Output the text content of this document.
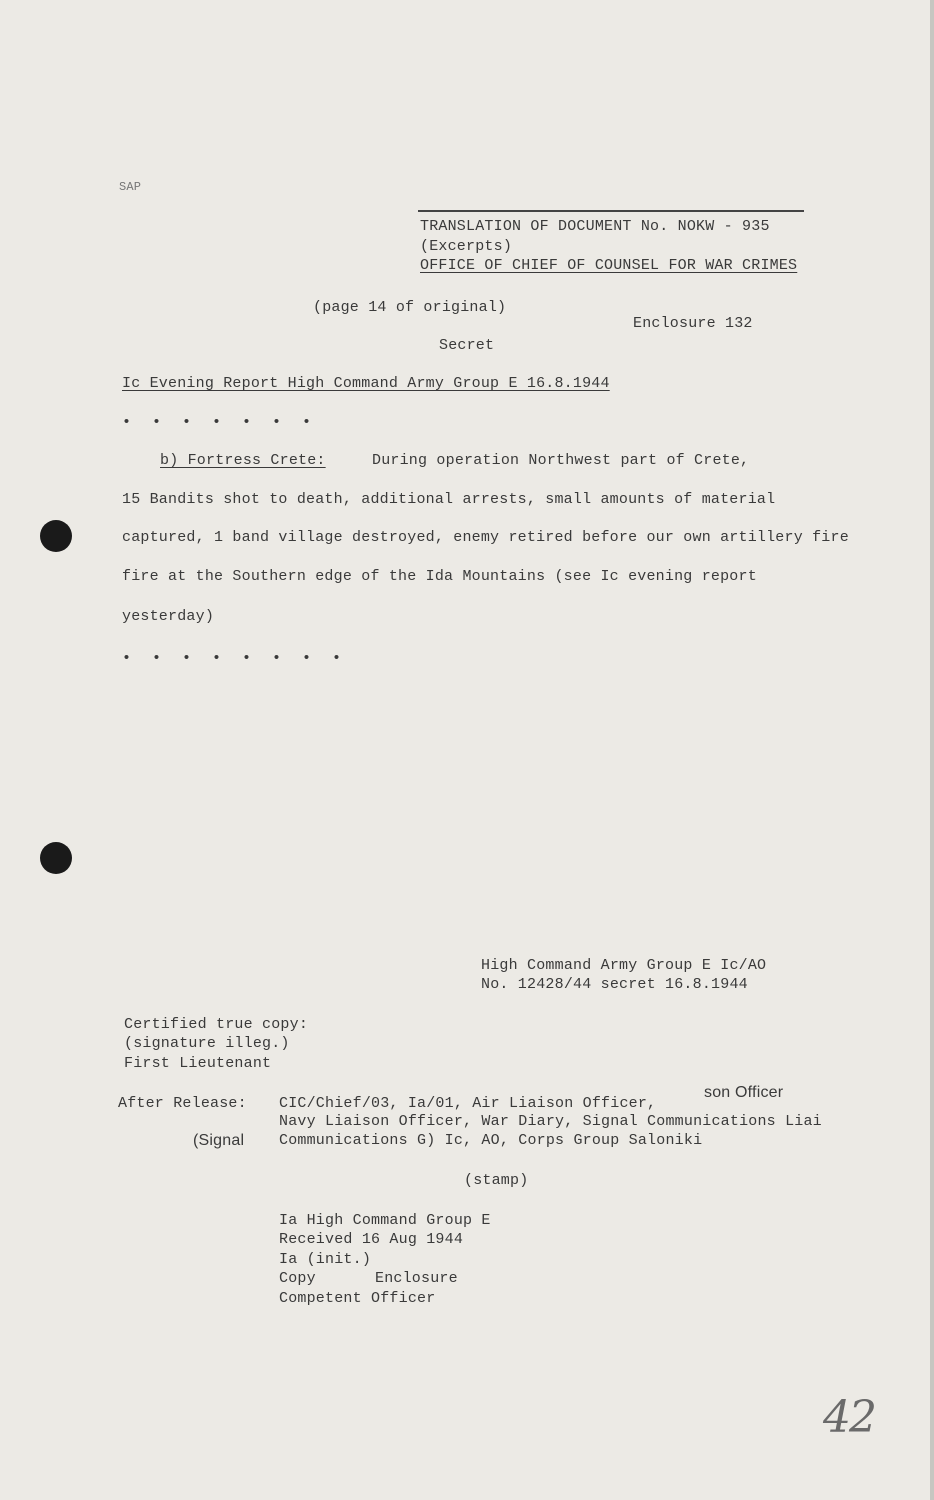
SAP
TRANSLATION OF DOCUMENT No. NOKW - 935
(Excerpts)
OFFICE OF CHIEF OF COUNSEL FOR WAR CRIMES
(page 14 of original)
Enclosure 132
Secret
Ic Evening Report High Command Army Group E 16.8.1944
• • • • • • •
b) Fortress Crete:	During operation Northwest part of Crete,
15 Bandits shot to death, additional arrests, small amounts of material
captured, 1 band village destroyed, enemy retired before our own artillery fire
fire at the Southern edge of the Ida Mountains (see Ic evening report
yesterday)
• • • • • • • •
High Command Army Group E Ic/AO
No. 12428/44 secret 16.8.1944
Certified true copy:
(signature illeg.)
First Lieutenant
After Release: CIC/Chief/03, Ia/01, Air Liaison Officer,
son Officer
Navy Liaison Officer, War Diary, Signal Communications Liai
(Signal Communications G) Ic, AO, Corps Group Saloniki
(stamp)
Ia High Command Group E
Received 16 Aug 1944
Ia (init.)
Copy	Enclosure
Competent Officer
42
